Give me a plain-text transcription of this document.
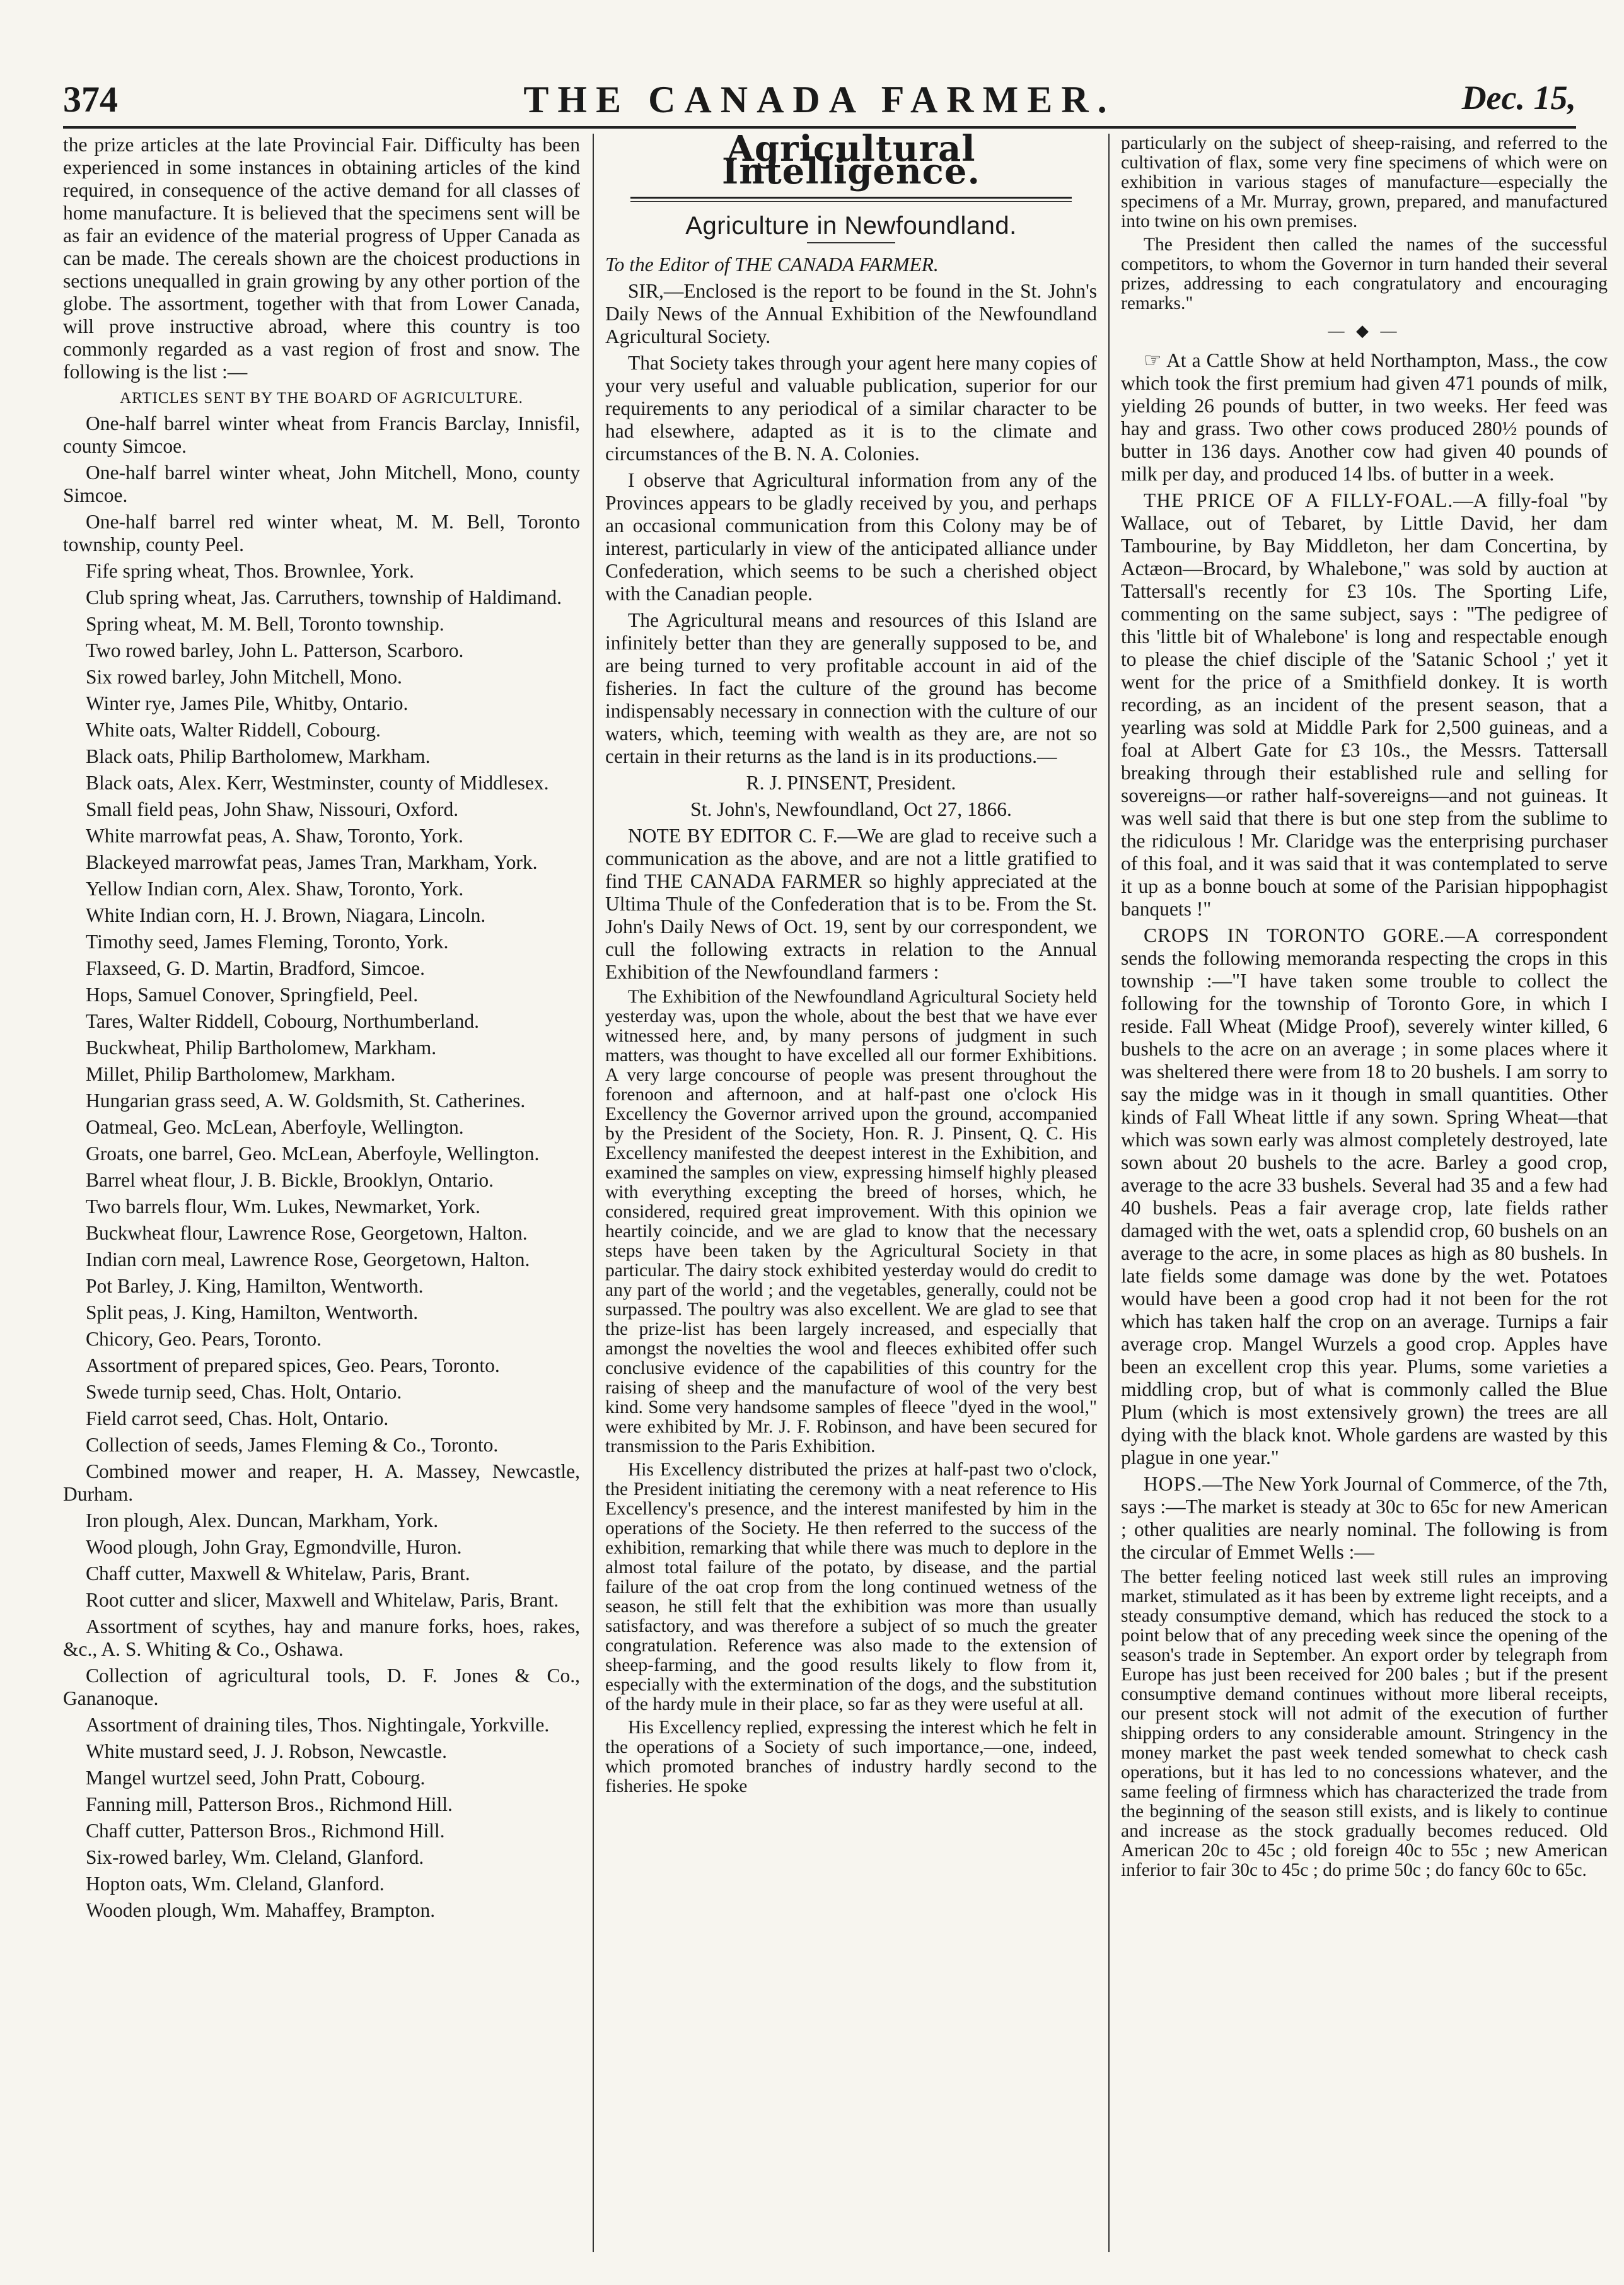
374	THE CANADA FARMER.	Dec. 15,

the prize articles at the late Provincial Fair. Difficulty has been experienced in some instances in obtaining articles of the kind required, in consequence of the active demand for all classes of home manufacture. It is believed that the specimens sent will be as fair an evidence of the material progress of Upper Canada as can be made. The cereals shown are the choicest productions in sections unequalled in grain growing by any other portion of the globe. The assortment, together with that from Lower Canada, will prove instructive abroad, where this country is too commonly regarded as a vast region of frost and snow. The following is the list :—

ARTICLES SENT BY THE BOARD OF AGRICULTURE.

One-half barrel winter wheat from Francis Barclay, Innisfil, county Simcoe.

One-half barrel winter wheat, John Mitchell, Mono, county Simcoe.

One-half barrel red winter wheat, M. M. Bell, Toronto township, county Peel.

Fife spring wheat, Thos. Brownlee, York.

Club spring wheat, Jas. Carruthers, township of Haldimand.

Spring wheat, M. M. Bell, Toronto township.

Two rowed barley, John L. Patterson, Scarboro.

Six rowed barley, John Mitchell, Mono.

Winter rye, James Pile, Whitby, Ontario.

White oats, Walter Riddell, Cobourg.

Black oats, Philip Bartholomew, Markham.

Black oats, Alex. Kerr, Westminster, county of Middlesex.

Small field peas, John Shaw, Nissouri, Oxford.

White marrowfat peas, A. Shaw, Toronto, York.

Blackeyed marrowfat peas, James Tran, Markham, York.

Yellow Indian corn, Alex. Shaw, Toronto, York.

White Indian corn, H. J. Brown, Niagara, Lincoln.

Timothy seed, James Fleming, Toronto, York.

Flaxseed, G. D. Martin, Bradford, Simcoe.

Hops, Samuel Conover, Springfield, Peel.

Tares, Walter Riddell, Cobourg, Northumberland.

Buckwheat, Philip Bartholomew, Markham.

Millet, Philip Bartholomew, Markham.

Hungarian grass seed, A. W. Goldsmith, St. Catherines.

Oatmeal, Geo. McLean, Aberfoyle, Wellington.

Groats, one barrel, Geo. McLean, Aberfoyle, Wellington.

Barrel wheat flour, J. B. Bickle, Brooklyn, Ontario.

Two barrels flour, Wm. Lukes, Newmarket, York.

Buckwheat flour, Lawrence Rose, Georgetown, Halton.

Indian corn meal, Lawrence Rose, Georgetown, Halton.

Pot Barley, J. King, Hamilton, Wentworth.

Split peas, J. King, Hamilton, Wentworth.

Chicory, Geo. Pears, Toronto.

Assortment of prepared spices, Geo. Pears, Toronto.

Swede turnip seed, Chas. Holt, Ontario.

Field carrot seed, Chas. Holt, Ontario.

Collection of seeds, James Fleming & Co., Toronto.

Combined mower and reaper, H. A. Massey, Newcastle, Durham.

Iron plough, Alex. Duncan, Markham, York.

Wood plough, John Gray, Egmondville, Huron.

Chaff cutter, Maxwell & Whitelaw, Paris, Brant.

Root cutter and slicer, Maxwell and Whitelaw, Paris, Brant.

Assortment of scythes, hay and manure forks, hoes, rakes, &c., A. S. Whiting & Co., Oshawa.

Collection of agricultural tools, D. F. Jones & Co., Gananoque.

Assortment of draining tiles, Thos. Nightingale, Yorkville.

White mustard seed, J. J. Robson, Newcastle.

Mangel wurtzel seed, John Pratt, Cobourg.

Fanning mill, Patterson Bros., Richmond Hill.

Chaff cutter, Patterson Bros., Richmond Hill.

Six-rowed barley, Wm. Cleland, Glanford.

Hopton oats, Wm. Cleland, Glanford.

Wooden plough, Wm. Mahaffey, Brampton.

Agricultural Intelligence.
Agriculture in Newfoundland.

To the Editor of THE CANADA FARMER.

SIR,—Enclosed is the report to be found in the St. John's Daily News of the Annual Exhibition of the Newfoundland Agricultural Society.

That Society takes through your agent here many copies of your very useful and valuable publication, superior for our requirements to any periodical of a similar character to be had elsewhere, adapted as it is to the climate and circumstances of the B. N. A. Colonies.

I observe that Agricultural information from any of the Provinces appears to be gladly received by you, and perhaps an occasional communication from this Colony may be of interest, particularly in view of the anticipated alliance under Confederation, which seems to be such a cherished object with the Canadian people.

The Agricultural means and resources of this Island are infinitely better than they are generally supposed to be, and are being turned to very profitable account in aid of the fisheries. In fact the culture of the ground has become indispensably necessary in connection with the culture of our waters, which, teeming with wealth as they are, are not so certain in their returns as the land is in its productions.—

R. J. PINSENT, President.

St. John's, Newfoundland, Oct 27, 1866.

NOTE BY EDITOR C. F.—We are glad to receive such a communication as the above, and are not a little gratified to find THE CANADA FARMER so highly appreciated at the Ultima Thule of the Confederation that is to be. From the St. John's Daily News of Oct. 19, sent by our correspondent, we cull the following extracts in relation to the Annual Exhibition of the Newfoundland farmers :

The Exhibition of the Newfoundland Agricultural Society held yesterday was, upon the whole, about the best that we have ever witnessed here, and, by many persons of judgment in such matters, was thought to have excelled all our former Exhibitions. A very large concourse of people was present throughout the forenoon and afternoon, and at half-past one o'clock His Excellency the Governor arrived upon the ground, accompanied by the President of the Society, Hon. R. J. Pinsent, Q. C. His Excellency manifested the deepest interest in the Exhibition, and examined the samples on view, expressing himself highly pleased with everything excepting the breed of horses, which, he considered, required great improvement. With this opinion we heartily coincide, and we are glad to know that the necessary steps have been taken by the Agricultural Society in that particular. The dairy stock exhibited yesterday would do credit to any part of the world ; and the vegetables, generally, could not be surpassed. The poultry was also excellent. We are glad to see that the prize-list has been largely increased, and especially that amongst the novelties the wool and fleeces exhibited offer such conclusive evidence of the capabilities of this country for the raising of sheep and the manufacture of wool of the very best kind. Some very handsome samples of fleece "dyed in the wool," were exhibited by Mr. J. F. Robinson, and have been secured for transmission to the Paris Exhibition.

His Excellency distributed the prizes at half-past two o'clock, the President initiating the ceremony with a neat reference to His Excellency's presence, and the interest manifested by him in the operations of the Society. He then referred to the success of the exhibition, remarking that while there was much to deplore in the almost total failure of the potato, by disease, and the partial failure of the oat crop from the long continued wetness of the season, he still felt that the exhibition was more than usually satisfactory, and was therefore a subject of so much the greater congratulation. Reference was also made to the extension of sheep-farming, and the good results likely to flow from it, especially with the extermination of the dogs, and the substitution of the hardy mule in their place, so far as they were useful at all.

His Excellency replied, expressing the interest which he felt in the operations of a Society of such importance,—one, indeed, which promoted branches of industry hardly second to the fisheries. He spoke

particularly on the subject of sheep-raising, and referred to the cultivation of flax, some very fine specimens of which were on exhibition in various stages of manufacture—especially the specimens of a Mr. Murray, grown, prepared, and manufactured into twine on his own premises.

The President then called the names of the successful competitors, to whom the Governor in turn handed their several prizes, addressing to each congratulatory and encouraging remarks."

— ◆ —

☞ At a Cattle Show at held Northampton, Mass., the cow which took the first premium had given 471 pounds of milk, yielding 26 pounds of butter, in two weeks. Her feed was hay and grass. Two other cows produced 280½ pounds of butter in 136 days. Another cow had given 40 pounds of milk per day, and produced 14 lbs. of butter in a week.

THE PRICE OF A FILLY-FOAL.—A filly-foal "by Wallace, out of Tebaret, by Little David, her dam Tambourine, by Bay Middleton, her dam Concertina, by Actæon—Brocard, by Whalebone," was sold by auction at Tattersall's recently for £3 10s. The Sporting Life, commenting on the same subject, says : "The pedigree of this 'little bit of Whalebone' is long and respectable enough to please the chief disciple of the 'Satanic School ;' yet it went for the price of a Smithfield donkey. It is worth recording, as an incident of the present season, that a yearling was sold at Middle Park for 2,500 guineas, and a foal at Albert Gate for £3 10s., the Messrs. Tattersall breaking through their established rule and selling for sovereigns—or rather half-sovereigns—and not guineas. It was well said that there is but one step from the sublime to the ridiculous ! Mr. Claridge was the enterprising purchaser of this foal, and it was said that it was contemplated to serve it up as a bonne bouch at some of the Parisian hippophagist banquets !"

CROPS IN TORONTO GORE.—A correspondent sends the following memoranda respecting the crops in this township :—"I have taken some trouble to collect the following for the township of Toronto Gore, in which I reside. Fall Wheat (Midge Proof), severely winter killed, 6 bushels to the acre on an average ; in some places where it was sheltered there were from 18 to 20 bushels. I am sorry to say the midge was in it though in small quantities. Other kinds of Fall Wheat little if any sown. Spring Wheat—that which was sown early was almost completely destroyed, late sown about 20 bushels to the acre. Barley a good crop, average to the acre 33 bushels. Several had 35 and a few had 40 bushels. Peas a fair average crop, late fields rather damaged with the wet, oats a splendid crop, 60 bushels on an average to the acre, in some places as high as 80 bushels. In late fields some damage was done by the wet. Potatoes would have been a good crop had it not been for the rot which has taken half the crop on an average. Turnips a fair average crop. Mangel Wurzels a good crop. Apples have been an excellent crop this year. Plums, some varieties a middling crop, but of what is commonly called the Blue Plum (which is most extensively grown) the trees are all dying with the black knot. Whole gardens are wasted by this plague in one year."

HOPS.—The New York Journal of Commerce, of the 7th, says :—The market is steady at 30c to 65c for new American ; other qualities are nearly nominal. The following is from the circular of Emmet Wells :—

The better feeling noticed last week still rules an improving market, stimulated as it has been by extreme light receipts, and a steady consumptive demand, which has reduced the stock to a point below that of any preceding week since the opening of the season's trade in September. An export order by telegraph from Europe has just been received for 200 bales ; but if the present consumptive demand continues without more liberal receipts, our present stock will not admit of the execution of further shipping orders to any considerable amount. Stringency in the money market the past week tended somewhat to check cash operations, but it has led to no concessions whatever, and the same feeling of firmness which has characterized the trade from the beginning of the season still exists, and is likely to continue and increase as the stock gradually becomes reduced. Old American 20c to 45c ; old foreign 40c to 55c ; new American inferior to fair 30c to 45c ; do prime 50c ; do fancy 60c to 65c.
